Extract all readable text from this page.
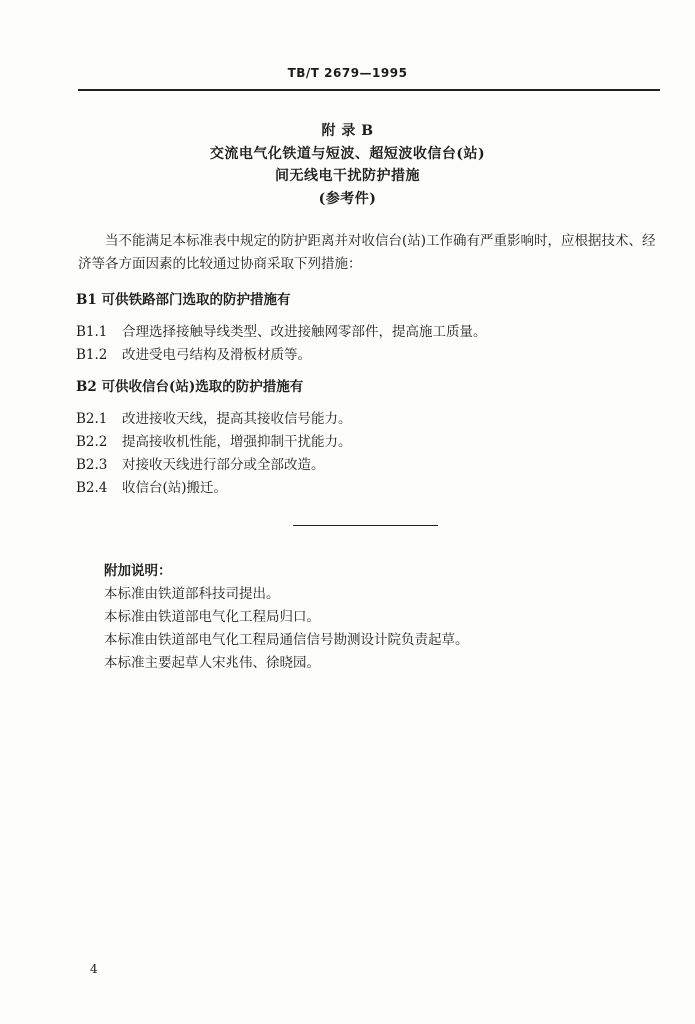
TB/T 2679—1995
附 录 B
交流电气化铁道与短波、超短波收信台(站)
间无线电干扰防护措施
(参考件)
当不能满足本标准表中规定的防护距离并对收信台(站)工作确有严重影响时，应根据技术、经济等各方面因素的比较通过协商采取下列措施：
B1 可供铁路部门选取的防护措施有
B1.1 合理选择接触导线类型、改进接触网零部件，提高施工质量。
B1.2 改进受电弓结构及滑板材质等。
B2 可供收信台(站)选取的防护措施有
B2.1 改进接收天线，提高其接收信号能力。
B2.2 提高接收机性能，增强抑制干扰能力。
B2.3 对接收天线进行部分或全部改造。
B2.4 收信台(站)搬迁。
附加说明：
本标准由铁道部科技司提出。
本标准由铁道部电气化工程局归口。
本标准由铁道部电气化工程局通信信号勘测设计院负责起草。
本标准主要起草人宋兆伟、徐晓园。
4
